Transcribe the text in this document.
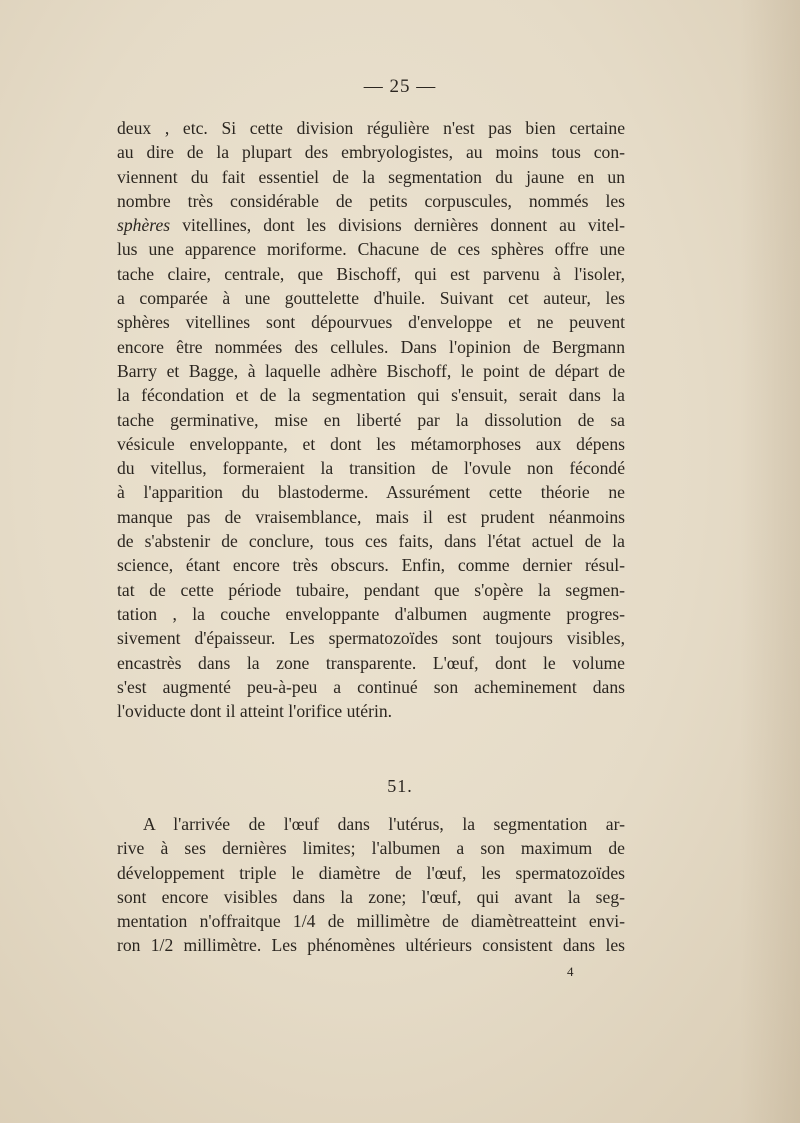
— 25 —
deux , etc. Si cette division régulière n'est pas bien certaine
au dire de la plupart des embryologistes, au moins tous con-
viennent du fait essentiel de la segmentation du jaune en un
nombre très considérable de petits corpuscules, nommés les
sphères vitellines, dont les divisions dernières donnent au vitel-
lus une apparence moriforme. Chacune de ces sphères offre une
tache claire, centrale, que Bischoff, qui est parvenu à l'isoler,
a comparée à une gouttelette d'huile. Suivant cet auteur, les
sphères vitellines sont dépourvues d'enveloppe et ne peuvent
encore être nommées des cellules. Dans l'opinion de Bergmann
Barry et Bagge, à laquelle adhère Bischoff, le point de départ de
la fécondation et de la segmentation qui s'ensuit, serait dans la
tache germinative, mise en liberté par la dissolution de sa
vésicule enveloppante, et dont les métamorphoses aux dépens
du vitellus, formeraient la transition de l'ovule non fécondé
à l'apparition du blastoderme. Assurément cette théorie ne
manque pas de vraisemblance, mais il est prudent néanmoins
de s'abstenir de conclure, tous ces faits, dans l'état actuel de la
science, étant encore très obscurs. Enfin, comme dernier résul-
tat de cette période tubaire, pendant que s'opère la segmen-
tation , la couche enveloppante d'albumen augmente progres-
sivement d'épaisseur. Les spermatozoïdes sont toujours visibles,
encastrès dans la zone transparente. L'œuf, dont le volume
s'est augmenté peu-à-peu a continué son acheminement dans
l'oviducte dont il atteint l'orifice utérin.
51.
A l'arrivée de l'œuf dans l'utérus, la segmentation ar-
rive à ses dernières limites; l'albumen a son maximum de
développement triple le diamètre de l'œuf, les spermatozoïdes
sont encore visibles dans la zone; l'œuf, qui avant la seg-
mentation n'offraitque 1/4 de millimètre de diamètreatteint envi-
ron 1/2 millimètre. Les phénomènes ultérieurs consistent dans les
4
